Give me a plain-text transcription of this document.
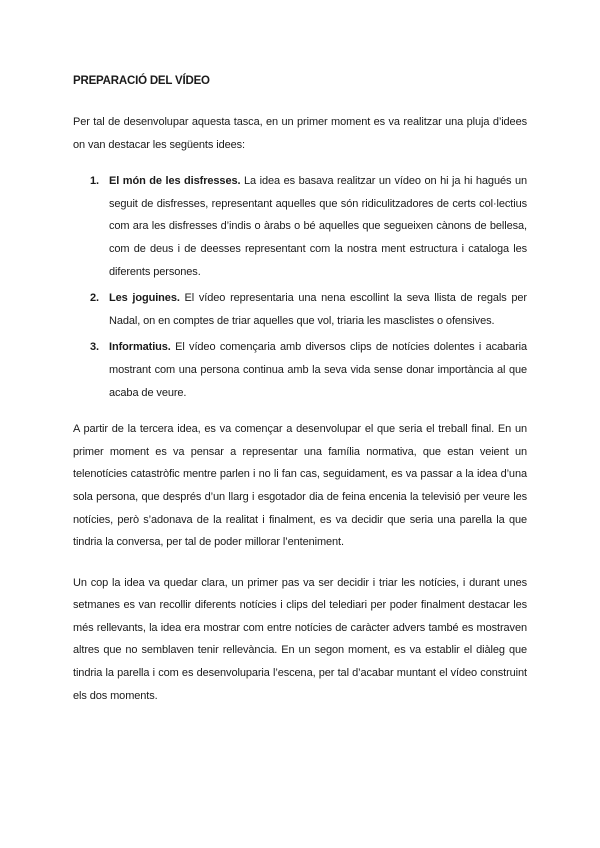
PREPARACIÓ DEL VÍDEO

Per tal de desenvolupar aquesta tasca, en un primer moment es va realitzar una pluja d’idees on van destacar les següents idees:

1. El món de les disfresses. La idea es basava realitzar un vídeo on hi ja hi hagués un seguit de disfresses, representant aquelles que són ridiculitzadores de certs col·lectius com ara les disfresses d’indis o àrabs o bé aquelles que segueixen cànons de bellesa, com de deus i de deesses representant com la nostra ment estructura i cataloga les diferents persones.
2. Les joguines. El vídeo representaria una nena escollint la seva llista de regals per Nadal, on en comptes de triar aquelles que vol, triaria les masclistes o ofensives.
3. Informatius. El vídeo començaria amb diversos clips de notícies dolentes i acabaria mostrant com una persona continua amb la seva vida sense donar importància al que acaba de veure.

A partir de la tercera idea, es va començar a desenvolupar el que seria el treball final. En un primer moment es va pensar a representar una família normativa, que estan veient un telenotícies catastròfic mentre parlen i no li fan cas, seguidament, es va passar a la idea d’una sola persona, que després d’un llarg i esgotador dia de feina encenia la televisió per veure les notícies, però s’adonava de la realitat i finalment, es va decidir que seria una parella la que tindria la conversa, per tal de poder millorar l’enteniment.

Un cop la idea va quedar clara, un primer pas va ser decidir i triar les notícies, i durant unes setmanes es van recollir diferents notícies i clips del telediari per poder finalment destacar les més rellevants, la idea era mostrar com entre notícies de caràcter advers també es mostraven altres que no semblaven tenir rellevància. En un segon moment, es va establir el diàleg que tindria la parella i com es desenvoluparia l’escena, per tal d’acabar muntant el vídeo construint els dos moments.
